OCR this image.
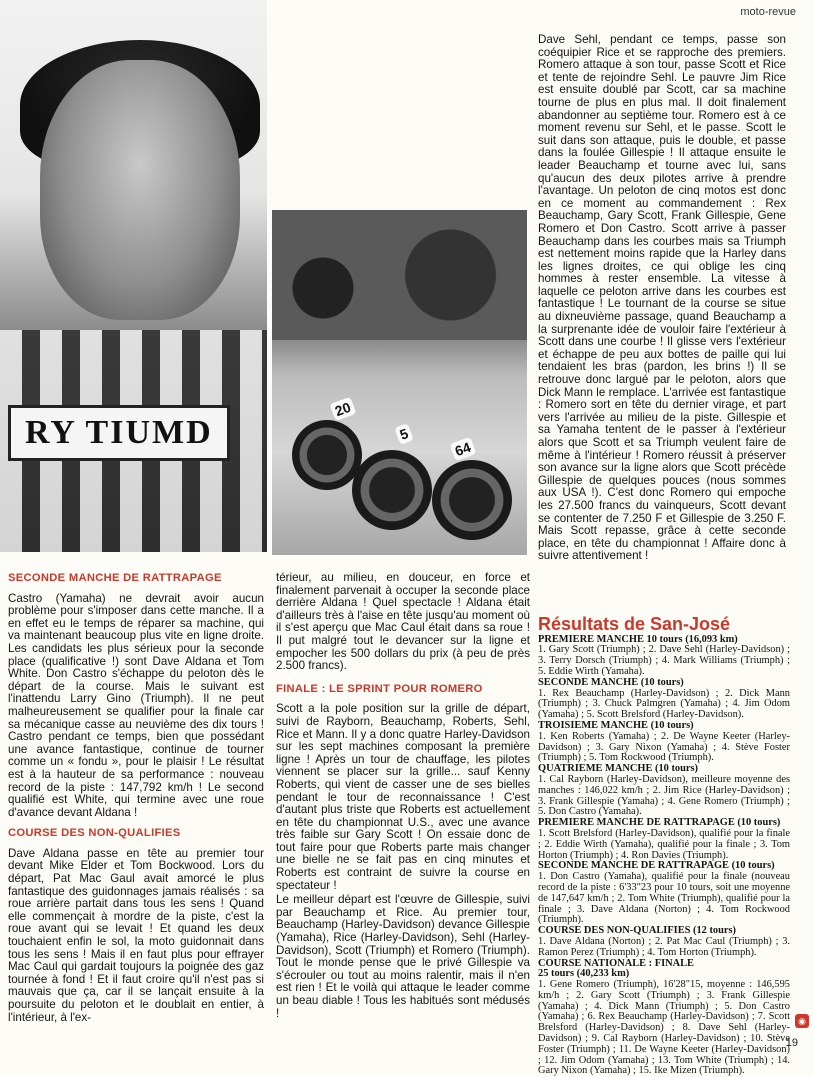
moto-revue
RY TIUMD
20
5
64

Dave Sehl, pendant ce temps, passe son coéquipier Rice et se rapproche des premiers. Romero attaque à son tour, passe Scott et Rice et tente de rejoindre Sehl. Le pauvre Jim Rice est ensuite doublé par Scott, car sa machine tourne de plus en plus mal. Il doit finalement abandonner au septième tour. Romero est à ce moment revenu sur Sehl, et le passe. Scott le suit dans son attaque, puis le double, et passe dans la foulée Gillespie ! Il attaque ensuite le leader Beauchamp et tourne avec lui, sans qu'aucun des deux pilotes arrive à prendre l'avantage. Un peloton de cinq motos est donc en ce moment au commandement : Rex Beauchamp, Gary Scott, Frank Gillespie, Gene Romero et Don Castro. Scott arrive à passer Beauchamp dans les courbes mais sa Triumph est nettement moins rapide que la Harley dans les lignes droites, ce qui oblige les cinq hommes à rester ensemble. La vitesse à laquelle ce peloton arrive dans les courbes est fantastique ! Le tournant de la course se situe au dixneuvième passage, quand Beauchamp a la surprenante idée de vouloir faire l'extérieur à Scott dans une courbe ! Il glisse vers l'extérieur et échappe de peu aux bottes de paille qui lui tendaient les bras (pardon, les brins !) Il se retrouve donc largué par le peloton, alors que Dick Mann le remplace. L'arrivée est fantastique : Romero sort en tête du dernier virage, et part vers l'arrivée au milieu de la piste. Gillespie et sa Yamaha tentent de le passer à l'extérieur alors que Scott et sa Triumph veulent faire de même à l'intérieur ! Romero réussit à préserver son avance sur la ligne alors que Scott précède Gillespie de quelques pouces (nous sommes aux USA !). C'est donc Romero qui empoche les 27.500 francs du vainqueurs, Scott devant se contenter de 7.250 F et Gillespie de 3.250 F. Mais Scott repasse, grâce à cette seconde place, en tête du championnat ! Affaire donc à suivre attentivement !

SECONDE MANCHE DE RATTRAPAGE

Castro (Yamaha) ne devrait avoir aucun problème pour s'imposer dans cette manche. Il a en effet eu le temps de réparer sa machine, qui va maintenant beaucoup plus vite en ligne droite. Les candidats les plus sérieux pour la seconde place (qualificative !) sont Dave Aldana et Tom White. Don Castro s'échappe du peloton dès le départ de la course. Mais le suivant est l'inattendu Larry Gino (Triumph). Il ne peut malheureusement se qualifier pour la finale car sa mécanique casse au neuvième des dix tours ! Castro pendant ce temps, bien que possédant une avance fantastique, continue de tourner comme un « fondu », pour le plaisir ! Le résultat est à la hauteur de sa performance : nouveau record de la piste : 147,792 km/h ! Le second qualifié est White, qui termine avec une roue d'avance devant Aldana !

COURSE DES NON-QUALIFIES

Dave Aldana passe en tête au premier tour devant Mike Elder et Tom Bockwood. Lors du départ, Pat Mac Gaul avait amorcé le plus fantastique des guidonnages jamais réalisés : sa roue arrière partait dans tous les sens ! Quand elle commençait à mordre de la piste, c'est la roue avant qui se levait ! Et quand les deux touchaient enfin le sol, la moto guidonnait dans tous les sens ! Mais il en faut plus pour effrayer Mac Caul qui gardait toujours la poignée des gaz tournée à fond ! Et il faut croire qu'il n'est pas si mauvais que ça, car il se lançait ensuite à la poursuite du peloton et le doublait en entier, à l'intérieur, à l'ex-

térieur, au milieu, en douceur, en force et finalement parvenait à occuper la seconde place derrière Aldana ! Quel spectacle ! Aldana était d'ailleurs très à l'aise en tête jusqu'au moment où il s'est aperçu que Mac Caul était dans sa roue ! Il put malgré tout le devancer sur la ligne et empocher les 500 dollars du prix (à peu de près 2.500 francs).

FINALE : LE SPRINT POUR ROMERO

Scott a la pole position sur la grille de départ, suivi de Rayborn, Beauchamp, Roberts, Sehl, Rice et Mann. Il y a donc quatre Harley-Davidson sur les sept machines composant la première ligne ! Après un tour de chauffage, les pilotes viennent se placer sur la grille... sauf Kenny Roberts, qui vient de casser une de ses bielles pendant le tour de reconnaissance ! C'est d'autant plus triste que Roberts est actuellement en tête du championnat U.S., avec une avance très faible sur Gary Scott ! On essaie donc de tout faire pour que Roberts parte mais changer une bielle ne se fait pas en cinq minutes et Roberts est contraint de suivre la course en spectateur !

Le meilleur départ est l'œuvre de Gillespie, suivi par Beauchamp et Rice. Au premier tour, Beauchamp (Harley-Davidson) devance Gillespie (Yamaha), Rice (Harley-Davidson), Sehl (Harley-Davidson), Scott (Triumph) et Romero (Triumph). Tout le monde pense que le privé Gillespie va s'écrouler ou tout au moins ralentir, mais il n'en est rien ! Et le voilà qui attaque le leader comme un beau diable ! Tous les habitués sont médusés !

Résultats de San-José
PREMIERE MANCHE 10 tours (16,093 km)
1. Gary Scott (Triumph) ; 2. Dave Sehl (Harley-Davidson) ; 3. Terry Dorsch (Triumph) ; 4. Mark Williams (Triumph) ; 5. Eddie Wirth (Yamaha).
SECONDE MANCHE (10 tours)
1. Rex Beauchamp (Harley-Davidson) ; 2. Dick Mann (Triumph) ; 3. Chuck Palmgren (Yamaha) ; 4. Jim Odom (Yamaha) ; 5. Scott Brelsford (Harley-Davidson).
TROISIEME MANCHE (10 tours)
1. Ken Roberts (Yamaha) ; 2. De Wayne Keeter (Harley-Davidson) ; 3. Gary Nixon (Yamaha) ; 4. Stève Foster (Triumph) ; 5. Tom Rockwood (Triumph).
QUATRIEME MANCHE (10 tours)
1. Cal Rayborn (Harley-Davidson), meilleure moyenne des manches : 146,022 km/h ; 2. Jim Rice (Harley-Davidson) ; 3. Frank Gillespie (Yamaha) ; 4. Gene Romero (Triumph) ; 5. Don Castro (Yamaha).
PREMIERE MANCHE DE RATTRAPAGE (10 tours)
1. Scott Brelsford (Harley-Davidson), qualifié pour la finale ; 2. Eddie Wirth (Yamaha), qualifié pour la finale ; 3. Tom Horton (Triumph) ; 4. Ron Davies (Triumph).
SECONDE MANCHE DE RATTRAPAGE (10 tours)
1. Don Castro (Yamaha), qualifié pour la finale (nouveau record de la piste : 6'33"23 pour 10 tours, soit une moyenne de 147,647 km/h ; 2. Tom White (Triumph), qualifié pour la finale ; 3. Dave Aldana (Norton) ; 4. Tom Rockwood (Triumph).
COURSE DES NON-QUALIFIES (12 tours)
1. Dave Aldana (Norton) ; 2. Pat Mac Caul (Triumph) ; 3. Ramon Perez (Triumph) ; 4. Tom Horton (Triumph).
COURSE NATIONALE : FINALE
25 tours (40,233 km)
1. Gene Romero (Triumph), 16'28"15, moyenne : 146,595 km/h ; 2. Gary Scott (Triumph) ; 3. Frank Gillespie (Yamaha) ; 4. Dick Mann (Triumph) ; 5. Don Castro (Yamaha) ; 6. Rex Beauchamp (Harley-Davidson) ; 7. Scott Brelsford (Harley-Davidson) ; 8. Dave Sehl (Harley-Davidson) ; 9. Cal Rayborn (Harley-Davidson) ; 10. Stève Foster (Triumph) ; 11. De Wayne Keeter (Harley-Davidson) ; 12. Jim Odom (Yamaha) ; 13. Tom White (Triumph) ; 14. Gary Nixon (Yamaha) ; 15. Ike Mizen (Triumph).
◉
19
